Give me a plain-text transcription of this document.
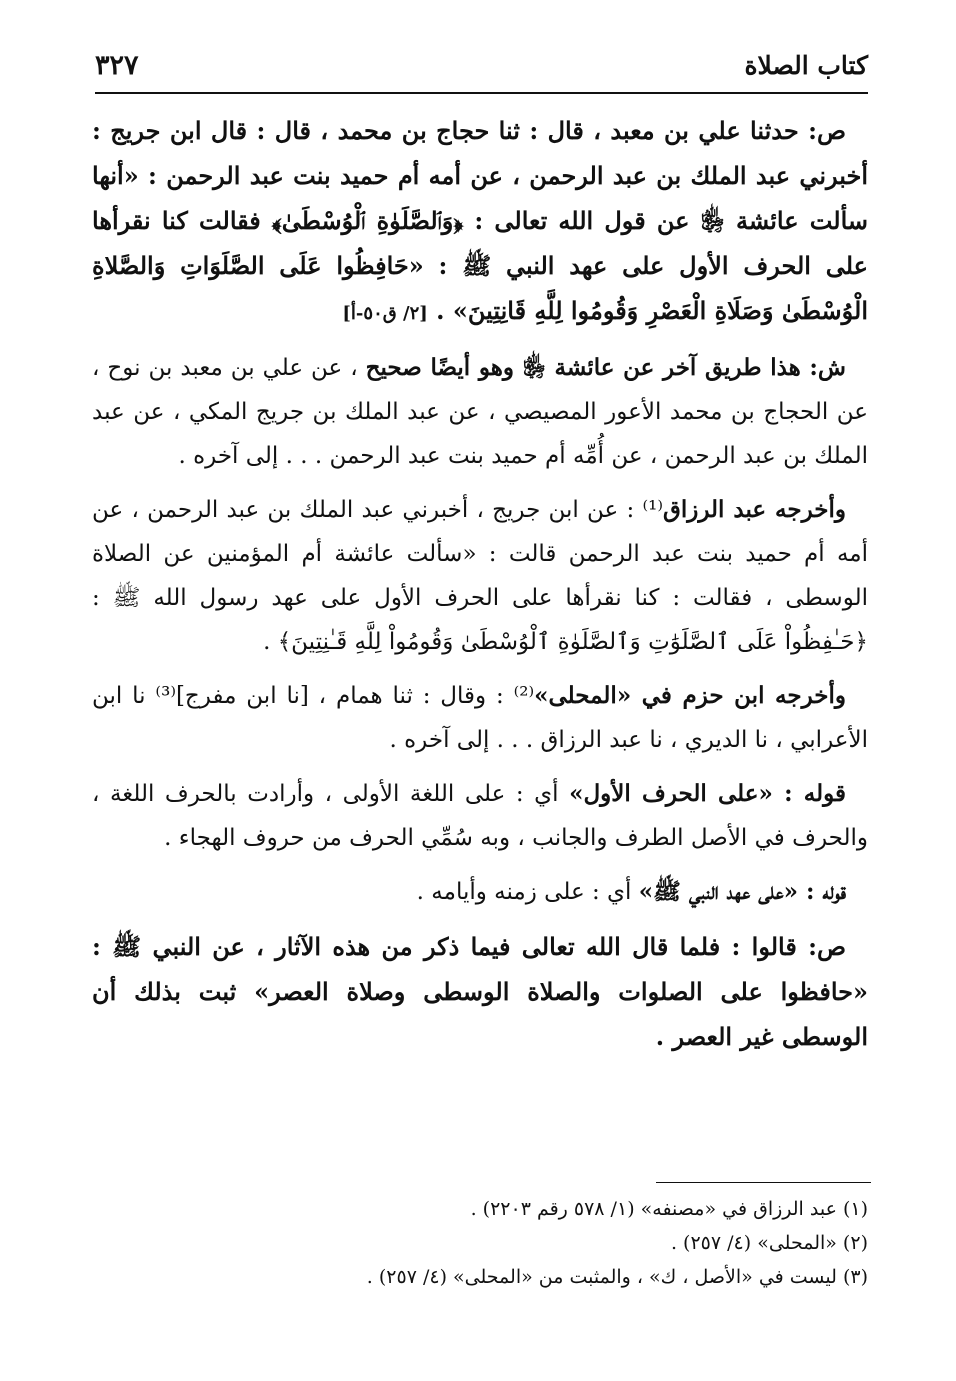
كتاب الصلاة
٣٢٧

ص: حدثنا علي بن معبد ، قال : ثنا حجاج بن محمد ، قال : قال ابن جريج : أخبرني عبد الملك بن عبد الرحمن ، عن أمه أم حميد بنت عبد الرحمن : «أنها سألت عائشة ﵂ عن قول الله تعالى : ﴿وَٱلصَّلَوٰةِ ٱلْوُسْطَىٰ﴾ فقالت كنا نقرأها على الحرف الأول على عهد النبي ﷺ : «حَافِظُوا عَلَى الصَّلَوَاتِ وَالصَّلاةِ الْوُسْطَىٰ وَصَلَاةِ الْعَصْرِ وَقُومُوا لِلَّهِ قَانِتِينَ» . [٢/ ق٥٠-أ]

ش: هذا طريق آخر عن عائشة ﵂ وهو أيضًا صحيح ، عن علي بن معبد بن نوح ، عن الحجاج بن محمد الأعور المصيصي ، عن عبد الملك بن جريج المكي ، عن عبد الملك بن عبد الرحمن ، عن أُمِّه أم حميد بنت عبد الرحمن . . . إلى آخره .

وأخرجه عبد الرزاق⁽¹⁾ : عن ابن جريج ، أخبرني عبد الملك بن عبد الرحمن ، عن أمه أم حميد بنت عبد الرحمن قالت : «سألت عائشة أم المؤمنين عن الصلاة الوسطى ، فقالت : كنا نقرأها على الحرف الأول على عهد رسول الله ﷺ : ﴿حَـٰفِظُواْ عَلَى ٱلصَّلَوَٰتِ وَٱلصَّلَوٰةِ ٱلْوُسْطَىٰ وَقُومُواْ لِلَّهِ قَـٰنِتِينَ﴾ .

وأخرجه ابن حزم في «المحلى»⁽²⁾ : وقال : ثنا همام ، [نا ابن مفرج]⁽³⁾ نا ابن الأعرابي ، نا الديري ، نا عبد الرزاق . . . إلى آخره .

قوله : «على الحرف الأول» أي : على اللغة الأولى ، وأرادت بالحرف اللغة ، والحرف في الأصل الطرف والجانب ، وبه سُمِّي الحرف من حروف الهجاء .

قوله : «على عهد النبي ﷺ» أي : على زمنه وأيامه .

ص: قالوا : فلما قال الله تعالى فيما ذكر من هذه الآثار ، عن النبي ﷺ : «حافظوا على الصلوات والصلاة الوسطى وصلاة العصر» ثبت بذلك أن الوسطى غير العصر .

(١) عبد الرزاق في «مصنفه» (١/ ٥٧٨ رقم ٢٢٠٣) .

(٢) «المحلى» (٤/ ٢٥٧) .

(٣) ليست في «الأصل ، ك» ، والمثبت من «المحلى» (٤/ ٢٥٧) .
